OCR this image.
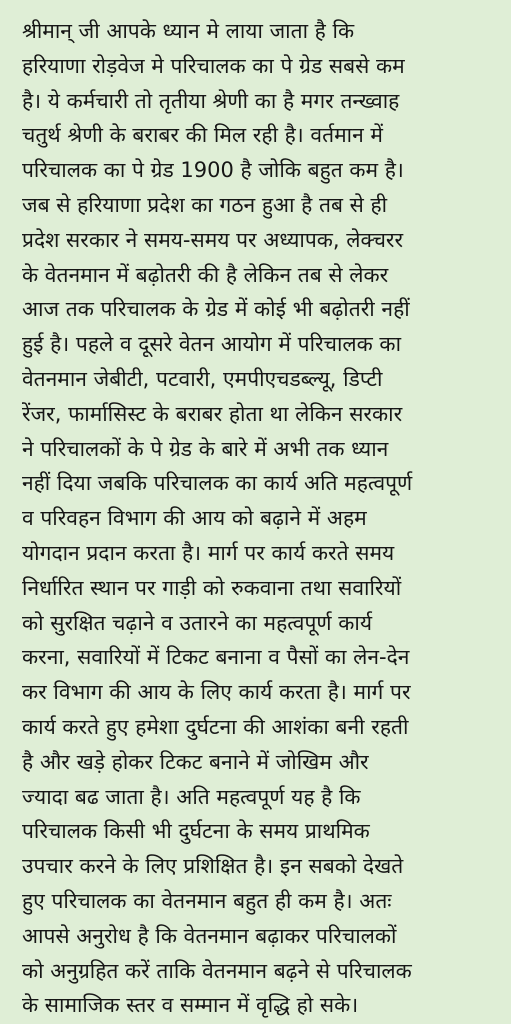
श्रीमान् जी आपके ध्यान मे लाया जाता है कि
हरियाणा रोड़वेज मे परिचालक का पे ग्रेड सबसे कम
है। ये कर्मचारी तो तृतीया श्रेणी का है मगर तन्ख्वाह
चतुर्थ श्रेणी के बराबर की मिल रही है। वर्तमान में
परिचालक का पे ग्रेड 1900 है जोकि बहुत कम है।
जब से हरियाणा प्रदेश का गठन हुआ है तब से ही
प्रदेश सरकार ने समय-समय पर अध्यापक, लेक्चरर
के वेतनमान में बढ़ोतरी की है लेकिन तब से लेकर
आज तक परिचालक के ग्रेड में कोई भी बढ़ोतरी नहीं
हुई है। पहले व दूसरे वेतन आयोग में परिचालक का
वेतनमान जेबीटी, पटवारी, एमपीएचडब्ल्यू, डिप्टी
रेंजर, फार्मासिस्ट के बराबर होता था लेकिन सरकार
ने परिचालकों के पे ग्रेड के बारे में अभी तक ध्यान
नहीं दिया जबकि परिचालक का कार्य अति महत्वपूर्ण
व परिवहन विभाग की आय को बढ़ाने में अहम
योगदान प्रदान करता है। मार्ग पर कार्य करते समय
निर्धारित स्थान पर गाड़ी को रुकवाना तथा सवारियों
को सुरक्षित चढ़ाने व उतारने का महत्वपूर्ण कार्य
करना, सवारियों में टिकट बनाना व पैसों का लेन-देन
कर विभाग की आय के लिए कार्य करता है। मार्ग पर
कार्य करते हुए हमेशा दुर्घटना की आशंका बनी रहती
है और खड़े होकर टिकट बनाने में जोखिम और
ज्यादा बढ जाता है। अति महत्वपूर्ण यह है कि
परिचालक किसी भी दुर्घटना के समय प्राथमिक
उपचार करने के लिए प्रशिक्षित है। इन सबको देखते
हुए परिचालक का वेतनमान बहुत ही कम है। अतः
आपसे अनुरोध है कि वेतनमान बढ़ाकर परिचालकों
को अनुग्रहित करें ताकि वेतनमान बढ़ने से परिचालक
के सामाजिक स्तर व सम्मान में वृद्धि हो सके।
